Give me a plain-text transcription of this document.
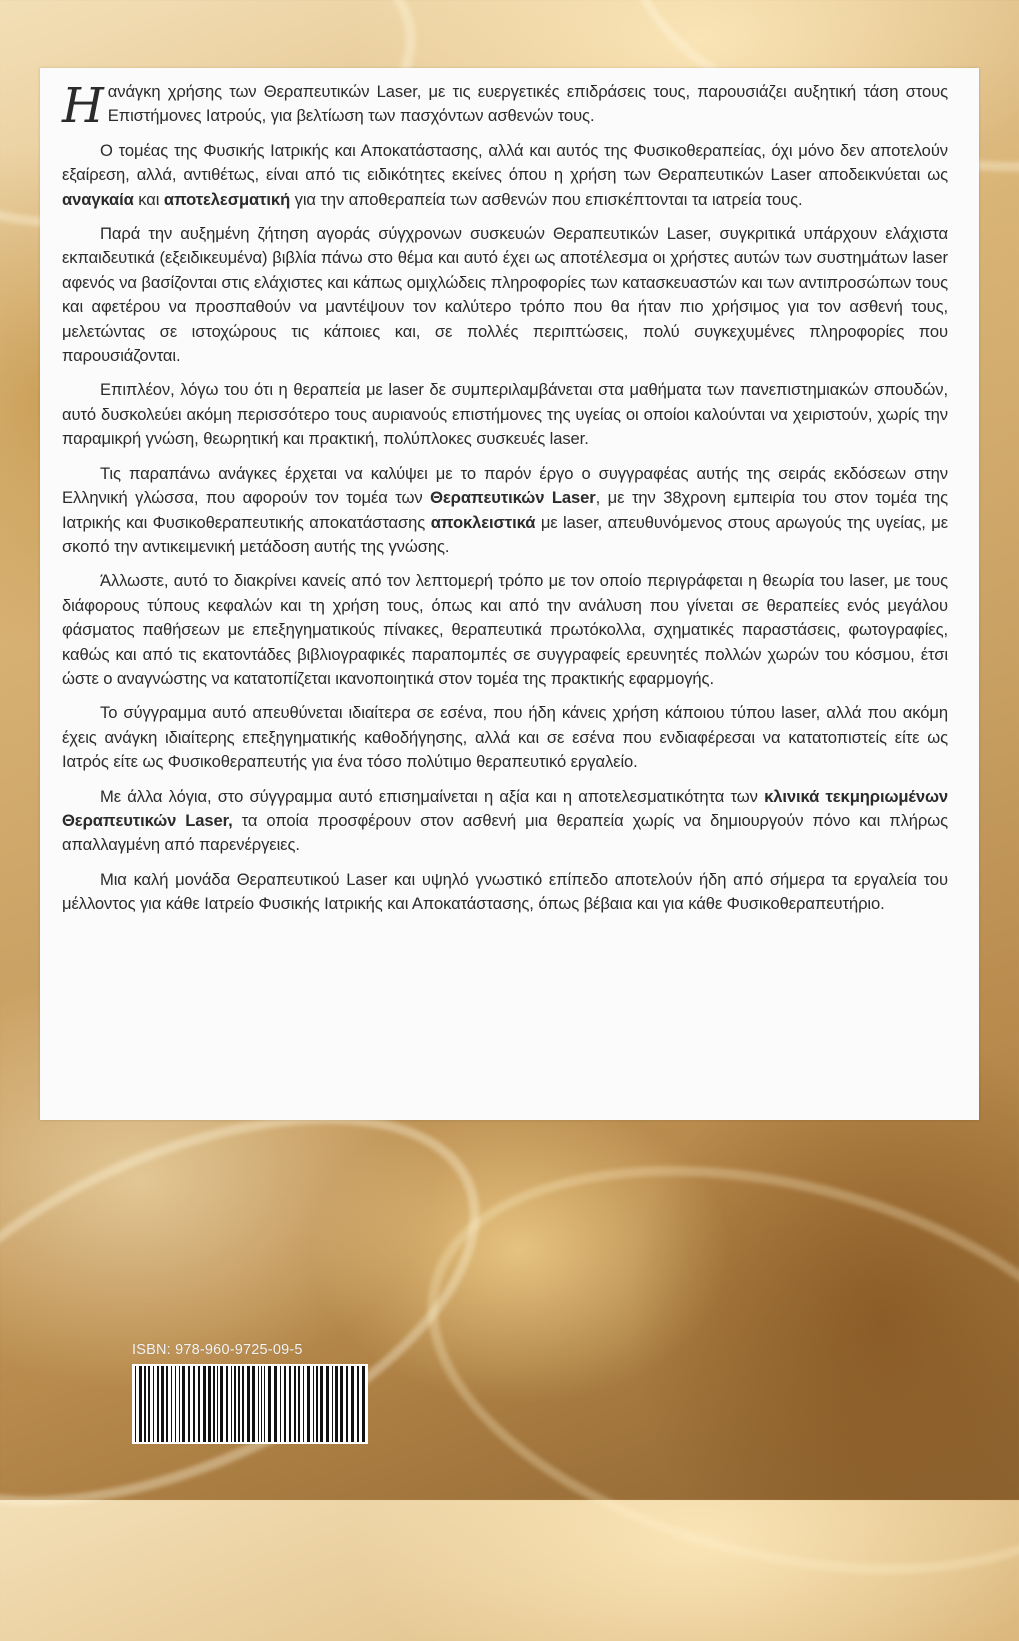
Ηανάγκη χρήσης των Θεραπευτικών Laser, με τις ευεργετικές επιδράσεις τους, παρουσιάζει αυξητική τάση στους Επιστήμονες Ιατρούς, για βελτίωση των πασχόντων ασθενών τους.

Ο τομέας της Φυσικής Ιατρικής και Αποκατάστασης, αλλά και αυτός της Φυσικοθεραπείας, όχι μόνο δεν αποτελούν εξαίρεση, αλλά, αντιθέτως, είναι από τις ειδικότητες εκείνες όπου η χρήση των Θεραπευτικών Laser αποδεικνύεται ως αναγκαία και αποτελεσματική για την αποθεραπεία των ασθενών που επισκέπτονται τα ιατρεία τους.

Παρά την αυξημένη ζήτηση αγοράς σύγχρονων συσκευών Θεραπευτικών Laser, συγκριτικά υπάρχουν ελάχιστα εκπαιδευτικά (εξειδικευμένα) βιβλία πάνω στο θέμα και αυτό έχει ως αποτέλεσμα οι χρήστες αυτών των συστημάτων laser αφενός να βασίζονται στις ελάχιστες και κάπως ομιχλώδεις πληροφορίες των κατασκευαστών και των αντιπροσώπων τους και αφετέρου να προσπαθούν να μαντέψουν τον καλύτερο τρόπο που θα ήταν πιο χρήσιμος για τον ασθενή τους, μελετώντας σε ιστοχώρους τις κάποιες και, σε πολλές περιπτώσεις, πολύ συγκεχυμένες πληροφορίες που παρουσιάζονται.

Επιπλέον, λόγω του ότι η θεραπεία με laser δε συμπεριλαμβάνεται στα μαθήματα των πανεπιστημιακών σπουδών, αυτό δυσκολεύει ακόμη περισσότερο τους αυριανούς επιστήμονες της υγείας οι οποίοι καλούνται να χειριστούν, χωρίς την παραμικρή γνώση, θεωρητική και πρακτική, πολύπλοκες συσκευές laser.

Τις παραπάνω ανάγκες έρχεται να καλύψει με το παρόν έργο ο συγγραφέας αυτής της σειράς εκδόσεων στην Ελληνική γλώσσα, που αφορούν τον τομέα των Θεραπευτικών Laser, με την 38χρονη εμπειρία του στον τομέα της Ιατρικής και Φυσικοθεραπευτικής αποκατάστασης αποκλειστικά με laser, απευθυνόμενος στους αρωγούς της υγείας, με σκοπό την αντικειμενική μετάδοση αυτής της γνώσης.

Άλλωστε, αυτό το διακρίνει κανείς από τον λεπτομερή τρόπο με τον οποίο περιγράφεται η θεωρία του laser, με τους διάφορους τύπους κεφαλών και τη χρήση τους, όπως και από την ανάλυση που γίνεται σε θεραπείες ενός μεγάλου φάσματος παθήσεων με επεξηγηματικούς πίνακες, θεραπευτικά πρωτόκολλα, σχηματικές παραστάσεις, φωτογραφίες, καθώς και από τις εκατοντάδες βιβλιογραφικές παραπομπές σε συγγραφείς ερευνητές πολλών χωρών του κόσμου, έτσι ώστε ο αναγνώστης να κατατοπίζεται ικανοποιητικά στον τομέα της πρακτικής εφαρμογής.

Το σύγγραμμα αυτό απευθύνεται ιδιαίτερα σε εσένα, που ήδη κάνεις χρήση κάποιου τύπου laser, αλλά που ακόμη έχεις ανάγκη ιδιαίτερης επεξηγηματικής καθοδήγησης, αλλά και σε εσένα που ενδιαφέρεσαι να κατατοπιστείς είτε ως Ιατρός είτε ως Φυσικοθεραπευτής για ένα τόσο πολύτιμο θεραπευτικό εργαλείο.

Με άλλα λόγια, στο σύγγραμμα αυτό επισημαίνεται η αξία και η αποτελεσματικότητα των κλινικά τεκμηριωμένων Θεραπευτικών Laser, τα οποία προσφέρουν στον ασθενή μια θεραπεία χωρίς να δημιουργούν πόνο και πλήρως απαλλαγμένη από παρενέργειες.

Μια καλή μονάδα Θεραπευτικού Laser και υψηλό γνωστικό επίπεδο αποτελούν ήδη από σήμερα τα εργαλεία του μέλλοντος για κάθε Ιατρείο Φυσικής Ιατρικής και Αποκατάστασης, όπως βέβαια και για κάθε Φυσικοθεραπευτήριο.

ISBN: 978-960-9725-09-5
